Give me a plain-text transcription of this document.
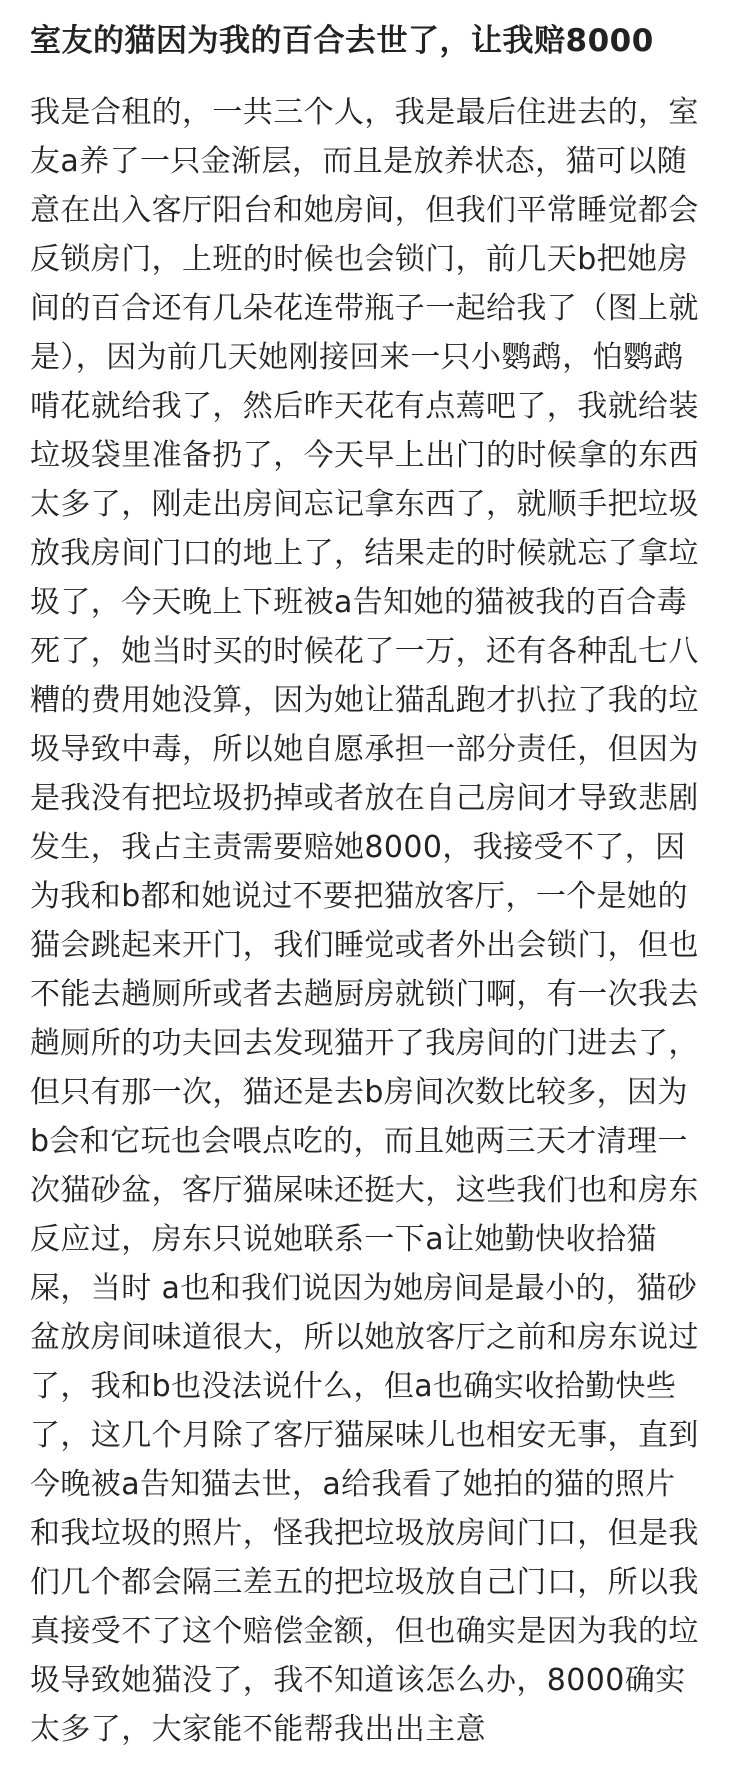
室友的猫因为我的百合去世了，让我赔8000
我是合租的，一共三个人，我是最后住进去的，室
友a养了一只金渐层，而且是放养状态，猫可以随
意在出入客厅阳台和她房间，但我们平常睡觉都会
反锁房门，上班的时候也会锁门，前几天b把她房
间的百合还有几朵花连带瓶子一起给我了（图上就
是），因为前几天她刚接回来一只小鹦鹉，怕鹦鹉
啃花就给我了，然后昨天花有点蔫吧了，我就给装
垃圾袋里准备扔了，今天早上出门的时候拿的东西
太多了，刚走出房间忘记拿东西了，就顺手把垃圾
放我房间门口的地上了，结果走的时候就忘了拿垃
圾了，今天晚上下班被a告知她的猫被我的百合毒
死了，她当时买的时候花了一万，还有各种乱七八
糟的费用她没算，因为她让猫乱跑才扒拉了我的垃
圾导致中毒，所以她自愿承担一部分责任，但因为
是我没有把垃圾扔掉或者放在自己房间才导致悲剧
发生，我占主责需要赔她8000，我接受不了，因
为我和b都和她说过不要把猫放客厅，一个是她的
猫会跳起来开门，我们睡觉或者外出会锁门，但也
不能去趟厕所或者去趟厨房就锁门啊，有一次我去
趟厕所的功夫回去发现猫开了我房间的门进去了，
但只有那一次，猫还是去b房间次数比较多，因为
b会和它玩也会喂点吃的，而且她两三天才清理一
次猫砂盆，客厅猫屎味还挺大，这些我们也和房东
反应过，房东只说她联系一下a让她勤快收拾猫
屎，当时 a也和我们说因为她房间是最小的，猫砂
盆放房间味道很大，所以她放客厅之前和房东说过
了，我和b也没法说什么，但a也确实收拾勤快些
了，这几个月除了客厅猫屎味儿也相安无事，直到
今晚被a告知猫去世，a给我看了她拍的猫的照片
和我垃圾的照片，怪我把垃圾放房间门口，但是我
们几个都会隔三差五的把垃圾放自己门口，所以我
真接受不了这个赔偿金额，但也确实是因为我的垃
圾导致她猫没了，我不知道该怎么办，8000确实
太多了，大家能不能帮我出出主意
